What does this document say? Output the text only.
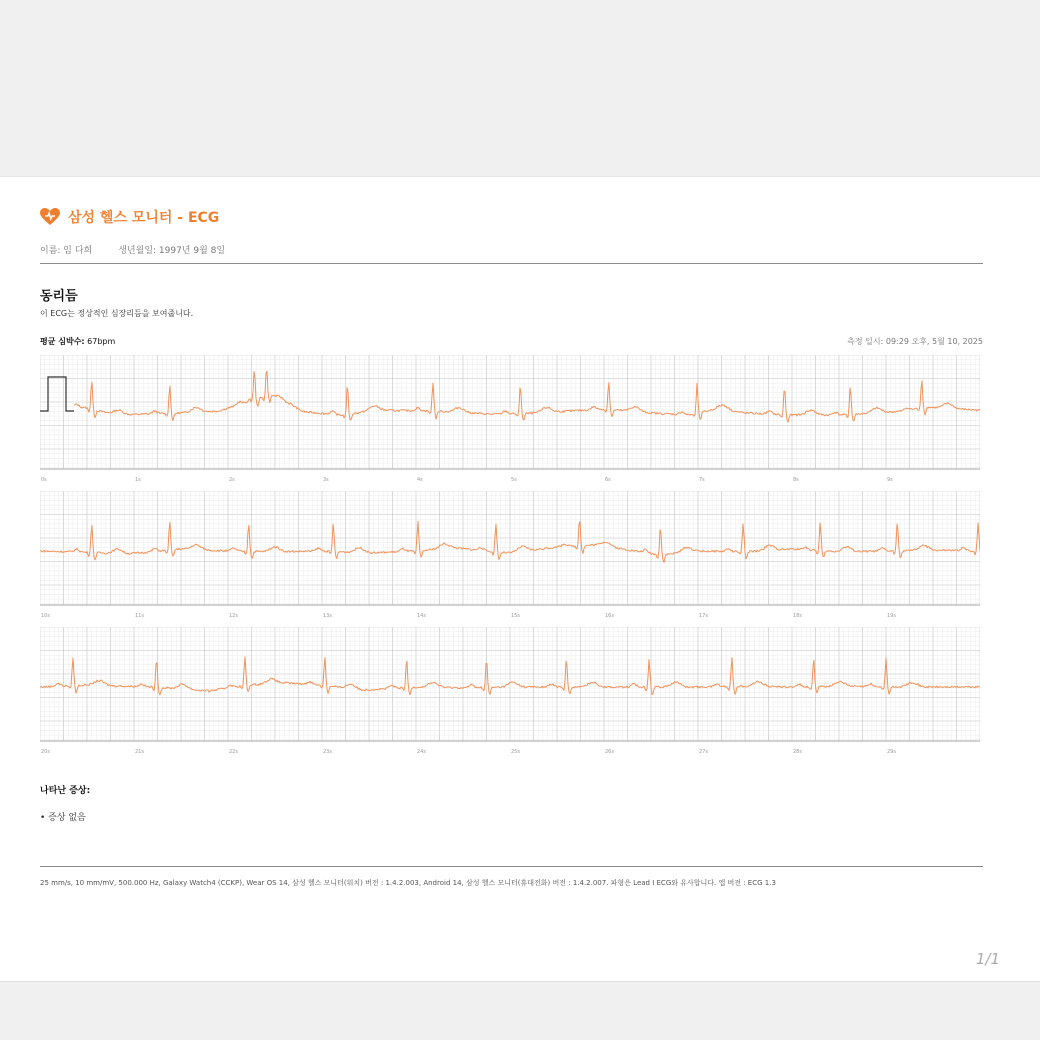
삼성 헬스 모니터 - ECG
이름: 임 다희	생년월일: 1997년 9월 8일
동리듬
이 ECG는 정상적인 심장리듬을 보여줍니다.
평균 심박수: 67bpm	측정 일시: 09:29 오후, 5월 10, 2025
0s	1s	2s	3s	4s	5s	6s	7s	8s	9s
10s	11s	12s	13s	14s	15s	16s	17s	18s	19s
20s	21s	22s	23s	24s	25s	26s	27s	28s	29s
나타난 증상:
• 증상 없음
25 mm/s, 10 mm/mV, 500.000 Hz, Galaxy Watch4 (CCKP), Wear OS 14, 삼성 헬스 모니터(워치) 버전 : 1.4.2.003, Android 14, 삼성 헬스 모니터(휴대전화) 버전 : 1.4.2.007. 파형은 Lead I ECG와 유사합니다. 앱 버전 : ECG 1.3
1/1
